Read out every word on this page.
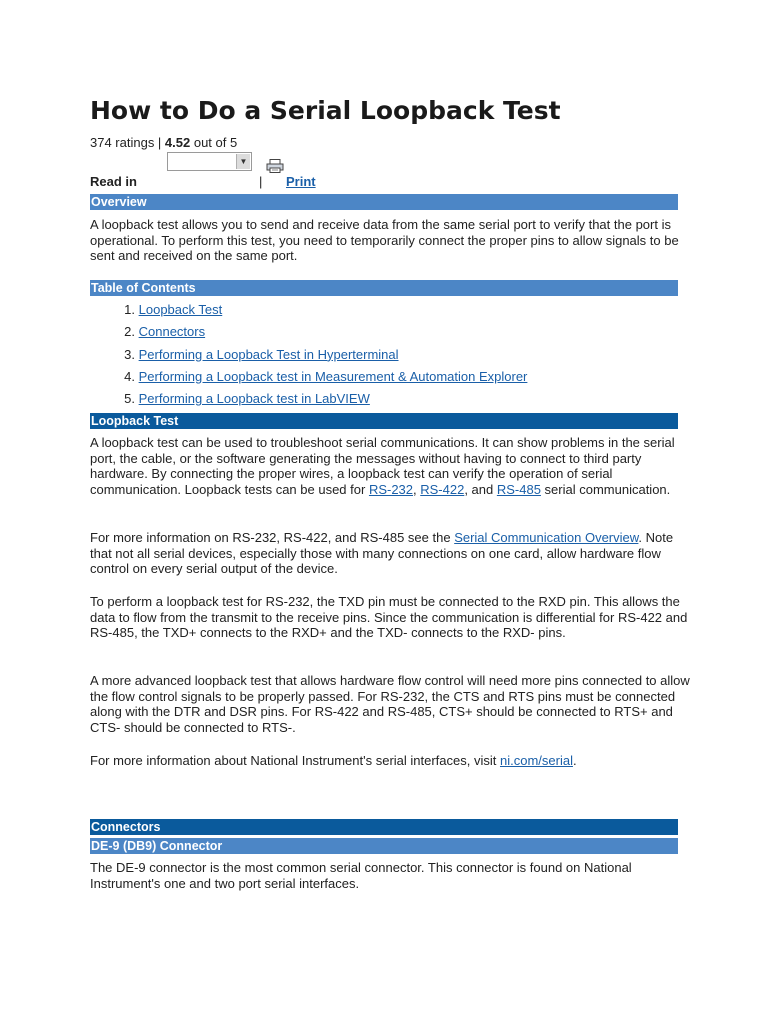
How to Do a Serial Loopback Test
374 ratings | 4.52 out of 5
▼
Read in	| Print
Overview

A loopback test allows you to send and receive data from the same serial port to verify that the port is operational. To perform this test, you need to temporarily connect the proper pins to allow signals to be sent and received on the same port.

Table of Contents
1. Loopback Test
2. Connectors
3. Performing a Loopback Test in Hyperterminal
4. Performing a Loopback test in Measurement & Automation Explorer
5. Performing a Loopback test in LabVIEW
Loopback Test

A loopback test can be used to troubleshoot serial communications. It can show problems in the serial port, the cable, or the software generating the messages without having to connect to third party hardware. By connecting the proper wires, a loopback test can verify the operation of serial communication. Loopback tests can be used for RS-232, RS-422, and RS-485 serial communication.

For more information on RS-232, RS-422, and RS-485 see the Serial Communication Overview. Note that not all serial devices, especially those with many connections on one card, allow hardware flow control on every serial output of the device.

To perform a loopback test for RS-232, the TXD pin must be connected to the RXD pin. This allows the data to flow from the transmit to the receive pins. Since the communication is differential for RS-422 and RS-485, the TXD+ connects to the RXD+ and the TXD- connects to the RXD- pins.

A more advanced loopback test that allows hardware flow control will need more pins connected to allow the flow control signals to be properly passed. For RS-232, the CTS and RTS pins must be connected along with the DTR and DSR pins. For RS-422 and RS-485, CTS+ should be connected to RTS+ and CTS- should be connected to RTS-.

For more information about National Instrument's serial interfaces, visit ni.com/serial.

Connectors
DE-9 (DB9) Connector

The DE-9 connector is the most common serial connector. This connector is found on National Instrument's one and two port serial interfaces.
